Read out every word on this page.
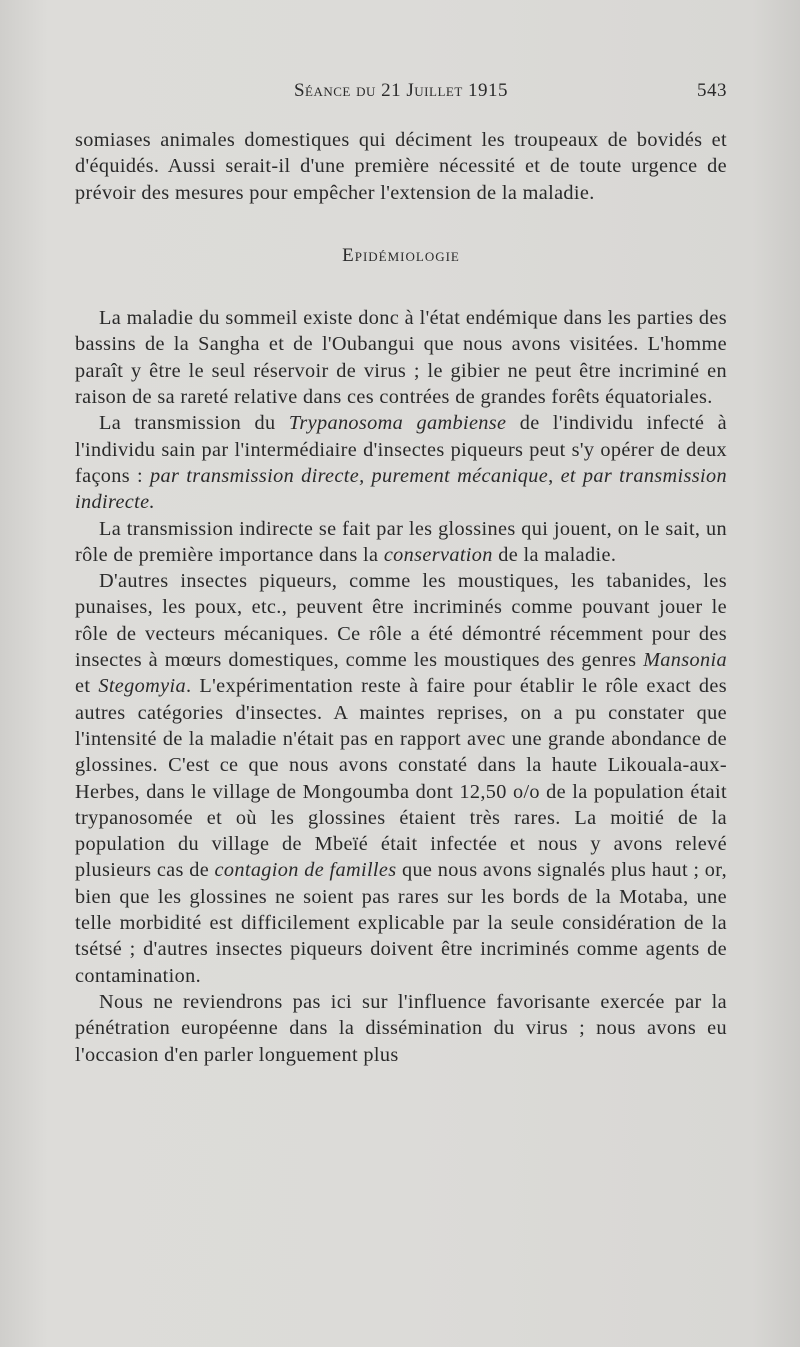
Séance du 21 Juillet 1915	543

somiases animales domestiques qui déciment les troupeaux de bovidés et d'équidés. Aussi serait-il d'une première nécessité et de toute urgence de prévoir des mesures pour empêcher l'extension de la maladie.

Epidémiologie

La maladie du sommeil existe donc à l'état endémique dans les parties des bassins de la Sangha et de l'Oubangui que nous avons visitées. L'homme paraît y être le seul réservoir de virus ; le gibier ne peut être incriminé en raison de sa rareté relative dans ces contrées de grandes forêts équatoriales.

La transmission du Trypanosoma gambiense de l'individu infecté à l'individu sain par l'intermédiaire d'insectes piqueurs peut s'y opérer de deux façons : par transmission directe, purement mécanique, et par transmission indirecte.

La transmission indirecte se fait par les glossines qui jouent, on le sait, un rôle de première importance dans la conservation de la maladie.

D'autres insectes piqueurs, comme les moustiques, les tabanides, les punaises, les poux, etc., peuvent être incriminés comme pouvant jouer le rôle de vecteurs mécaniques. Ce rôle a été démontré récemment pour des insectes à mœurs domestiques, comme les moustiques des genres Mansonia et Stegomyia. L'expérimentation reste à faire pour établir le rôle exact des autres catégories d'insectes. A maintes reprises, on a pu constater que l'intensité de la maladie n'était pas en rapport avec une grande abondance de glossines. C'est ce que nous avons constaté dans la haute Likouala-aux-Herbes, dans le village de Mongoumba dont 12,50 o/o de la population était trypanosomée et où les glossines étaient très rares. La moitié de la population du village de Mbeïé était infectée et nous y avons relevé plusieurs cas de contagion de familles que nous avons signalés plus haut ; or, bien que les glossines ne soient pas rares sur les bords de la Motaba, une telle morbidité est difficilement explicable par la seule considération de la tsétsé ; d'autres insectes piqueurs doivent être incriminés comme agents de contamination.

Nous ne reviendrons pas ici sur l'influence favorisante exercée par la pénétration européenne dans la dissémination du virus ; nous avons eu l'occasion d'en parler longuement plus
